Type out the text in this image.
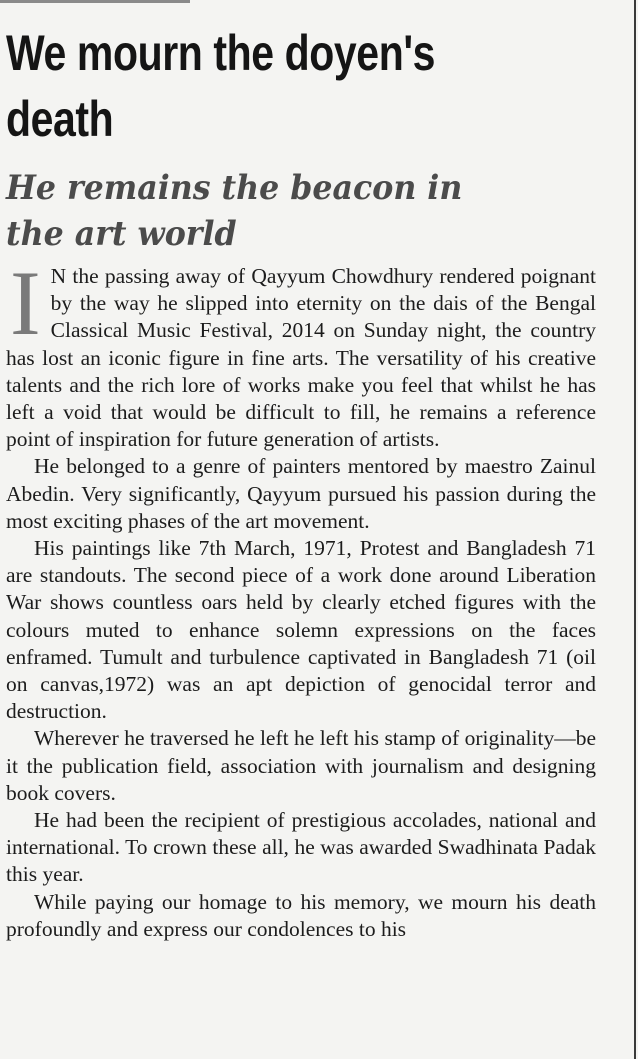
We mourn the doyen's death
He remains the beacon in the art world

I N the passing away of Qayyum Chowdhury rendered poignant by the way he slipped into eternity on the dais of the Bengal Classical Music Festival, 2014 on Sunday night, the country has lost an iconic figure in fine arts. The versatility of his creative talents and the rich lore of works make you feel that whilst he has left a void that would be difficult to fill, he remains a reference point of inspiration for future generation of artists.

He belonged to a genre of painters mentored by maestro Zainul Abedin. Very significantly, Qayyum pursued his passion during the most exciting phases of the art movement.

His paintings like 7th March, 1971, Protest and Bangladesh 71 are standouts. The second piece of a work done around Liberation War shows countless oars held by clearly etched figures with the colours muted to enhance solemn expressions on the faces enframed. Tumult and turbulence captivated in Bangladesh 71 (oil on canvas,1972) was an apt depiction of genocidal terror and destruction.

Wherever he traversed he left he left his stamp of originality—be it the publication field, association with journalism and designing book covers.

He had been the recipient of prestigious accolades, national and international. To crown these all, he was awarded Swadhinata Padak this year.

While paying our homage to his memory, we mourn his death profoundly and express our condolences to his
